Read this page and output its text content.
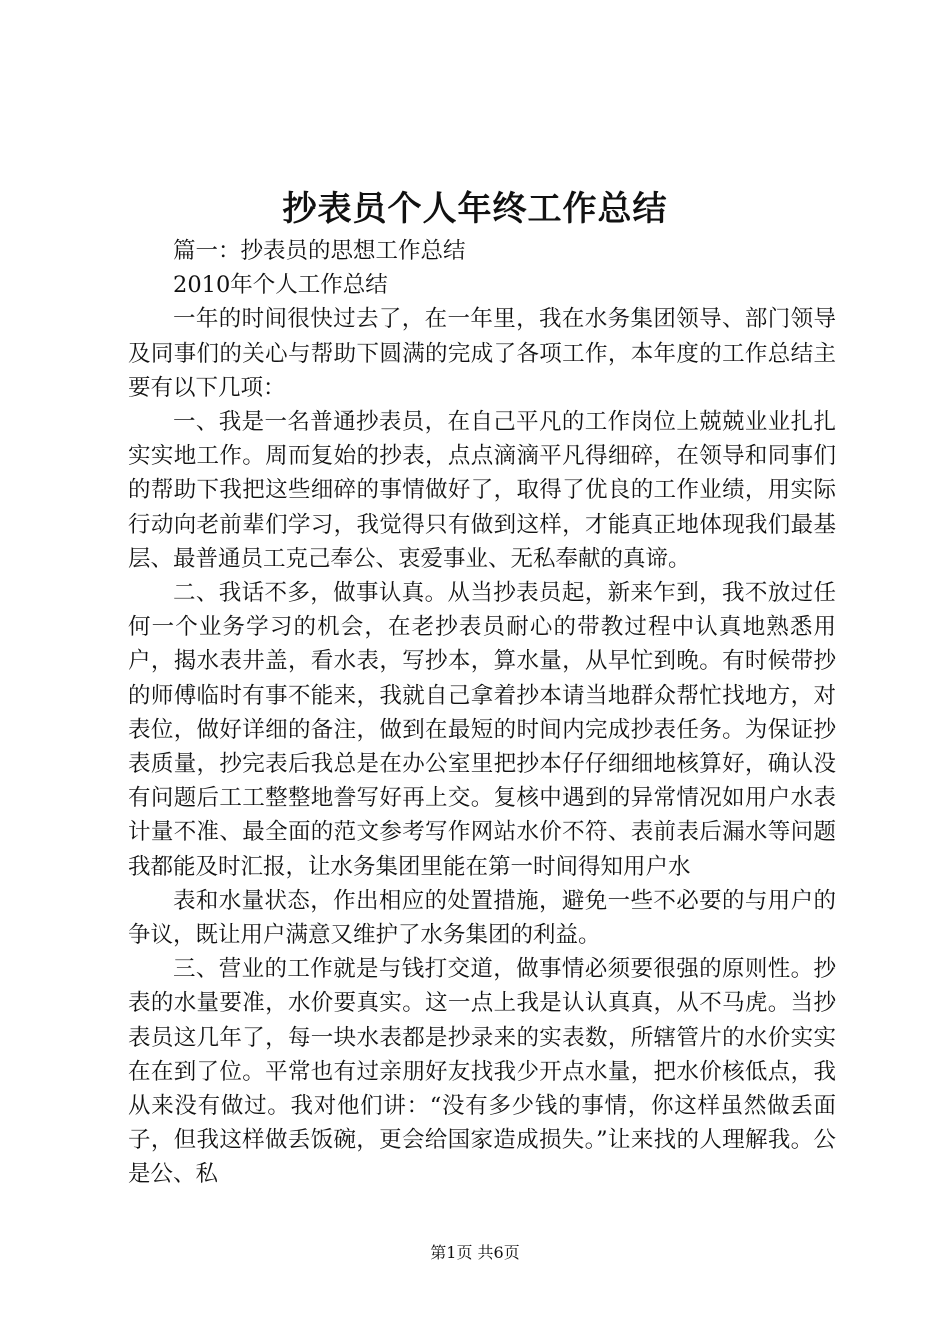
抄表员个人年终工作总结

篇一：抄表员的思想工作总结

2010年个人工作总结

一年的时间很快过去了，在一年里，我在水务集团领导、部门领导及同事们的关心与帮助下圆满的完成了各项工作，本年度的工作总结主要有以下几项：

一、我是一名普通抄表员，在自己平凡的工作岗位上兢兢业业扎扎实实地工作。周而复始的抄表，点点滴滴平凡得细碎，在领导和同事们的帮助下我把这些细碎的事情做好了，取得了优良的工作业绩，用实际行动向老前辈们学习，我觉得只有做到这样，才能真正地体现我们最基层、最普通员工克己奉公、衷爱事业、无私奉献的真谛。

二、我话不多，做事认真。从当抄表员起，新来乍到，我不放过任何一个业务学习的机会，在老抄表员耐心的带教过程中认真地熟悉用户，揭水表井盖，看水表，写抄本，算水量，从早忙到晚。有时候带抄的师傅临时有事不能来，我就自己拿着抄本请当地群众帮忙找地方，对表位，做好详细的备注，做到在最短的时间内完成抄表任务。为保证抄表质量，抄完表后我总是在办公室里把抄本仔仔细细地核算好，确认没有问题后工工整整地誊写好再上交。复核中遇到的异常情况如用户水表计量不准、最全面的范文参考写作网站水价不符、表前表后漏水等问题我都能及时汇报，让水务集团里能在第一时间得知用户水

表和水量状态，作出相应的处置措施，避免一些不必要的与用户的争议，既让用户满意又维护了水务集团的利益。

三、营业的工作就是与钱打交道，做事情必须要很强的原则性。抄表的水量要准，水价要真实。这一点上我是认认真真，从不马虎。当抄表员这几年了，每一块水表都是抄录来的实表数，所辖管片的水价实实在在到了位。平常也有过亲朋好友找我少开点水量，把水价核低点，我从来没有做过。我对他们讲：“没有多少钱的事情，你这样虽然做丢面子，但我这样做丢饭碗，更会给国家造成损失。”让来找的人理解我。公是公、私

第1页 共6页
